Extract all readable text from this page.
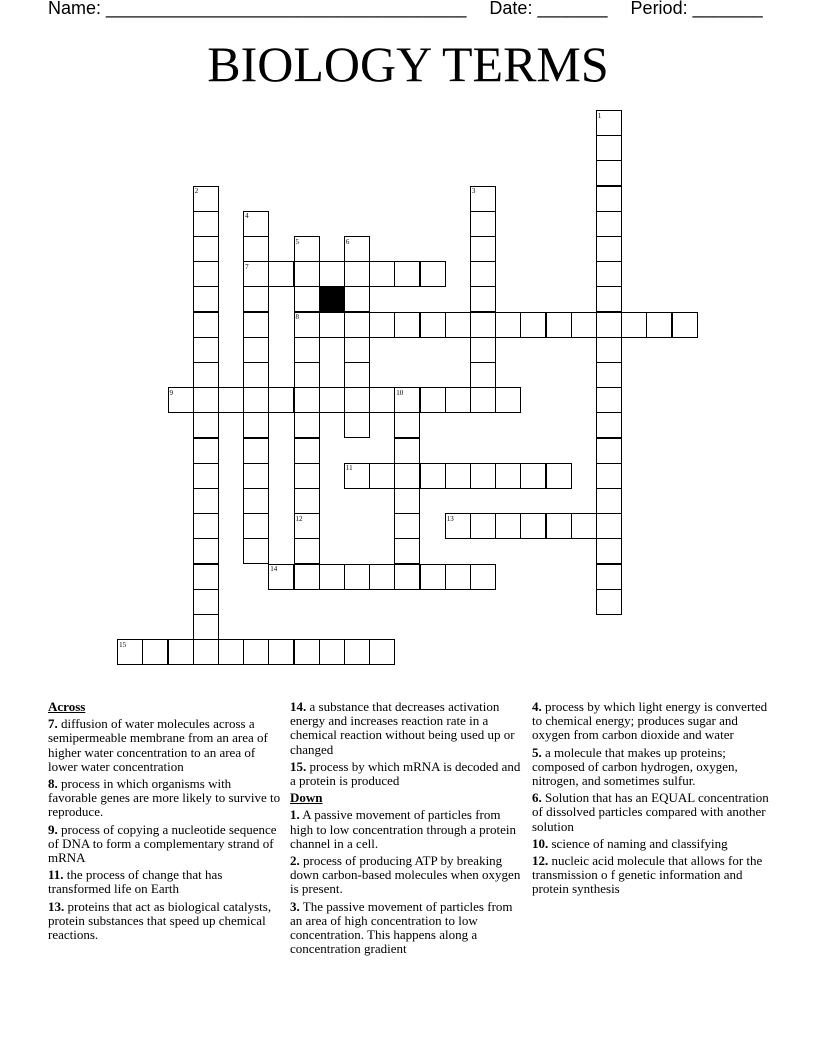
Name: ____________________________________ Date: _______ Period: _______
BIOLOGY TERMS
1
2	3
4
5	6
7
8
9	10
11
12	13
14
15
Across
7. diffusion of water molecules across a semipermeable membrane from an area of higher water concentration to an area of lower water concentration
8. process in which organisms with favorable genes are more likely to survive to reproduce.
9. process of copying a nucleotide sequence of DNA to form a complementary strand of mRNA
11. the process of change that has transformed life on Earth
13. proteins that act as biological catalysts, protein substances that speed up chemical reactions.
14. a substance that decreases activation energy and increases reaction rate in a chemical reaction without being used up or changed
15. process by which mRNA is decoded and a protein is produced
Down
1. A passive movement of particles from high to low concentration through a protein channel in a cell.
2. process of producing ATP by breaking down carbon-based molecules when oxygen is present.
3. The passive movement of particles from an area of high concentration to low concentration. This happens along a concentration gradient
4. process by which light energy is converted to chemical energy; produces sugar and oxygen from carbon dioxide and water
5. a molecule that makes up proteins; composed of carbon hydrogen, oxygen, nitrogen, and sometimes sulfur.
6. Solution that has an EQUAL concentration of dissolved particles compared with another solution
10. science of naming and classifying
12. nucleic acid molecule that allows for the transmission o f genetic information and protein synthesis
